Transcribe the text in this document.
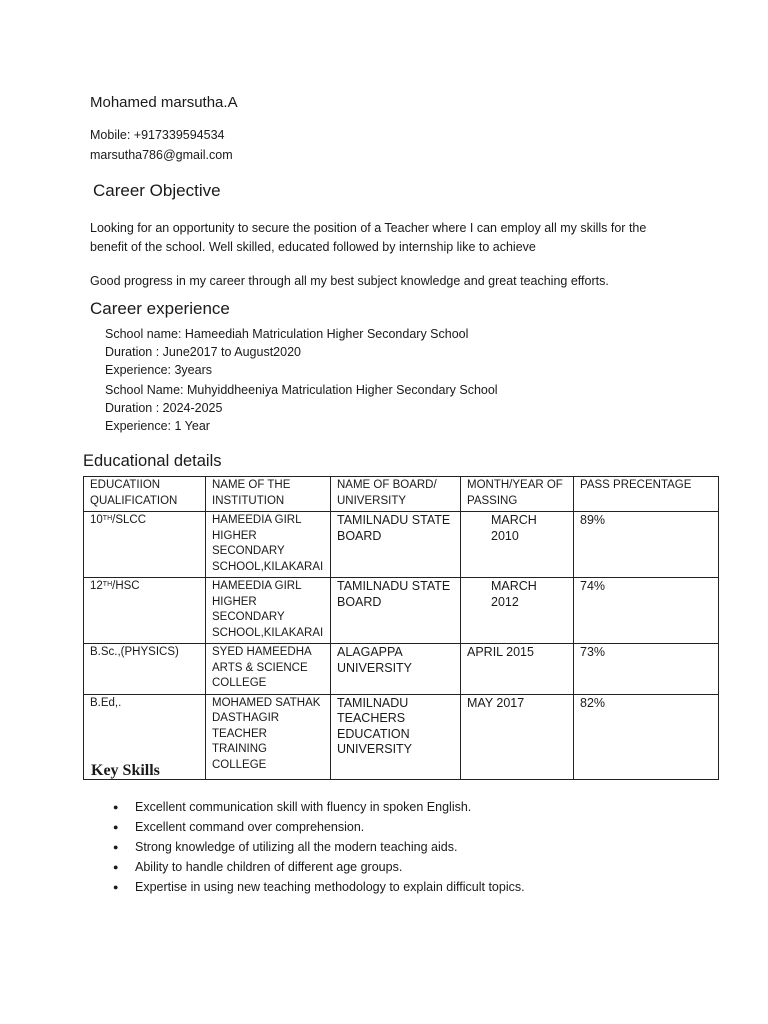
Mohamed marsutha.A
Mobile: +917339594534
marsutha786@gmail.com
Career Objective
Looking for an opportunity to secure the position of a Teacher where I can employ all my skills for the
benefit of the school. Well skilled, educated followed by internship like to achieve
Good progress in my career through all my best subject knowledge and great teaching efforts.
Career experience
School name: Hameediah Matriculation Higher Secondary School
Duration : June2017 to August2020
Experience: 3years
School Name: Muhyiddheeniya Matriculation Higher Secondary School
Duration : 2024-2025
Experience: 1 Year
Educational details
EDUCATIION QUALIFICATION	NAME OF THE INSTITUTION	NAME OF BOARD/ UNIVERSITY	MONTH/YEAR OF PASSING	PASS PRECENTAGE
10TH/SLCC	HAMEEDIA GIRL HIGHER SECONDARY SCHOOL,KILAKARAI	TAMILNADU STATE BOARD	MARCH 2010	89%
12TH/HSC	HAMEEDIA GIRL HIGHER SECONDARY SCHOOL,KILAKARAI	TAMILNADU STATE BOARD	MARCH 2012	74%
B.Sc.,(PHYSICS)	SYED HAMEEDHA ARTS & SCIENCE COLLEGE	ALAGAPPA UNIVERSITY	APRIL 2015	73%
B.Ed,.	MOHAMED SATHAK DASTHAGIR TEACHER TRAINING COLLEGE	TAMILNADU TEACHERS EDUCATION UNIVERSITY	MAY 2017	82%
Key Skills
● Excellent communication skill with fluency in spoken English.
● Excellent command over comprehension.
● Strong knowledge of utilizing all the modern teaching aids.
● Ability to handle children of different age groups.
● Expertise in using new teaching methodology to explain difficult topics.
